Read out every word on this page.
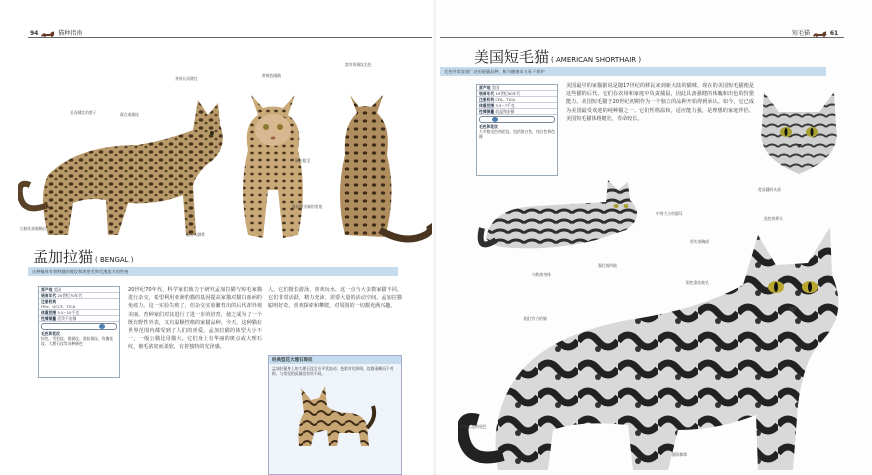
94	猫种指南
长而健壮的脖子	斑点或斑纹
身体长而健壮
黄褐色眼睛
富有的斑纹毛色
鼠色粗毛
斑纹带尖端的宽尾
后腿比前腿略长
圆形大脚掌
孟加拉猫 ( BENGAL )
这种猫体有着野趣的斑纹和浓密毛和毛滚流方的性格
原产地 美国
培育年代 20世纪70年代
注册机构
FIFe、GCCF、TICA
体重范围 5.5~10千克
性情测量 活泼不安静
毛色和花纹
棕色、雪豹纹、银斑纹、黑棕斑纹、玫瑰花纹、大理石纹等各种颜色
20世纪70年代，科学家们致力于研究孟加拉猫与短毛家猫进行杂交，希望利用亚洲豹猫的基因提高家猫对猫白血病的免疫力。这一实验失败了，但杂交实验繁育出的后代却外观美丽。育种家们对其进行了进一步的培育，使之成为了一个既有野性外表，又有温顺性格的家猫品种。今天，这种猫在世界范围内都受到了人们的喜爱。孟加拉猫的体型大小不一，一般公猫比母猫大。它们身上有华丽的斑点或大理石纹，被毛浓密而柔软，有着独特的光泽感。
人，它们擅长游泳，喜欢玩水，这一点与大多数家猫不同。它们非常活跃，精力充沛，需要大量的活动空间。孟加拉猫聪明好奇，喜欢探索和攀爬，对周围的一切都充满兴趣。
经典型花大理石斑纹
孟加拉猫身上的大理石纹呈水平状流动，色彩对比鲜明，纹路清晰而不对称，与常见的虎斑纹有所不同。
短毛猫	61
美国短毛猫 ( AMERICAN SHORTHAIR )
毛色经常显现广泛的斑猫品种，极为健康而又易于养护
原产地 美国
培育年代 19世纪90年代
注册机构 CFA、TICA
体重范围 3.5~7千克
性情测量 较温和安静
毛色和花纹
大多数毛色和花纹，包括银白色、纯白色和色斑
美国最早的家猫据说是随17世纪的移民来到新大陆的猫咪，现在的美国短毛猫便是这些猫的后代。它们在农场和家庭中负责捕鼠，因此具备强健的体魄和出色的狩猎能力。美国短毛猫于20世纪初期作为一个独立的品种开始得到承认。如今，它已成为美国最受欢迎的纯种猫之一。它们性格温和，适应能力强，是理想的家庭伴侣。美国短毛猫体格健壮，寿命较长。
宽而圆的头部
中等大小的圆耳
厚实的胸部
匀称的身体
强壮的四肢
黑色的鼻头
银色条纹被毛
粗壮有力的腿
中等长度的尾巴
圆形脚掌
